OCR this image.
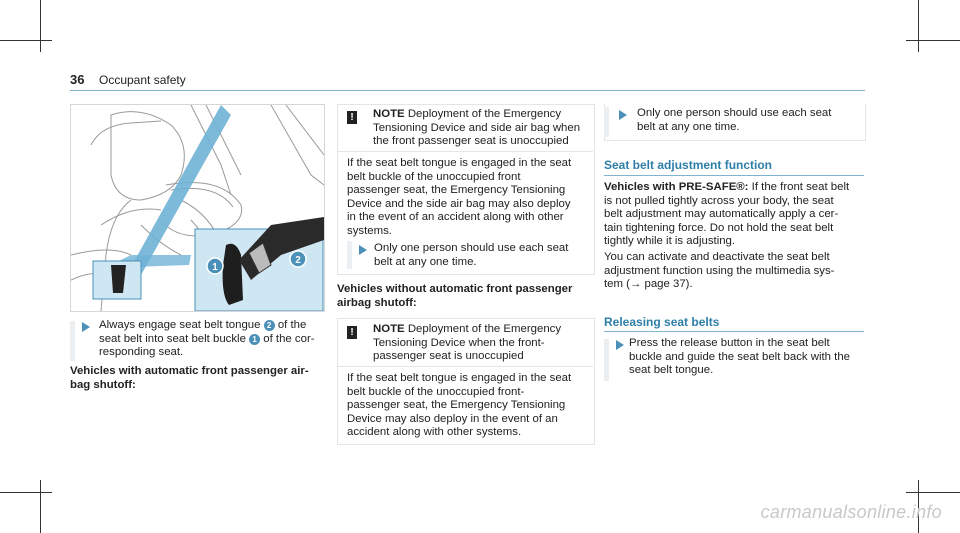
36 Occupant safety
1
2
Always engage seat belt tongue 2 of the
seat belt into seat belt buckle 1 of the cor-
responding seat.
Vehicles with automatic front passenger air-
bag shutoff:
! NOTE Deployment of the Emergency
Tensioning Device and side air bag when
the front passenger seat is unoccupied
If the seat belt tongue is engaged in the seat
belt buckle of the unoccupied front
passenger seat, the Emergency Tensioning
Device and the side air bag may also deploy
in the event of an accident along with other
systems.
Only one person should use each seat
belt at any one time.
Vehicles without automatic front passenger
airbag shutoff:
! NOTE Deployment of the Emergency
Tensioning Device when the front-
passenger seat is unoccupied
If the seat belt tongue is engaged in the seat
belt buckle of the unoccupied front-
passenger seat, the Emergency Tensioning
Device may also deploy in the event of an
accident along with other systems.
Only one person should use each seat
belt at any one time.
Seat belt adjustment function
Vehicles with PRE-SAFE®: If the front seat belt
is not pulled tightly across your body, the seat
belt adjustment may automatically apply a cer-
tain tightening force. Do not hold the seat belt
tightly while it is adjusting.
You can activate and deactivate the seat belt
adjustment function using the multimedia sys-
tem (→ page 37).
Releasing seat belts
Press the release button in the seat belt
buckle and guide the seat belt back with the
seat belt tongue.
carmanualsonline.info
